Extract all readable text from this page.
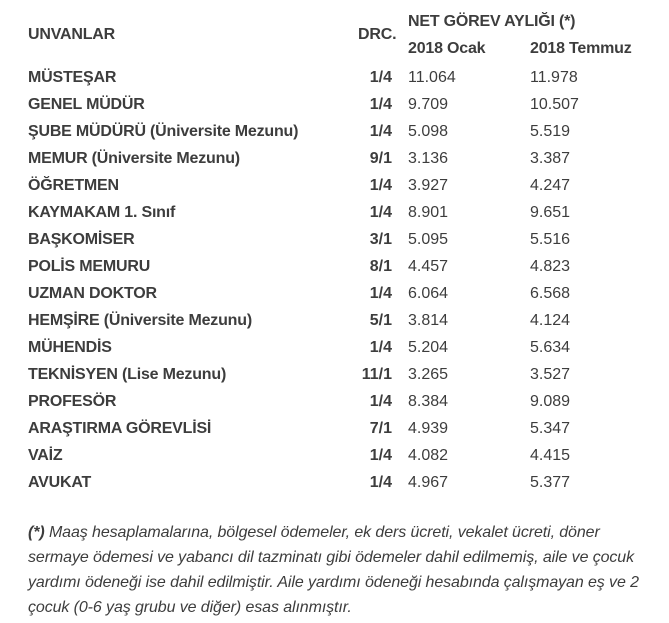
UNVANLAR	DRC.
NET GÖREV AYLIĞI (*)
2018 Ocak	2018 Temmuz
MÜSTEŞAR	1/4	11.064	11.978
GENEL MÜDÜR	1/4	9.709	10.507
ŞUBE MÜDÜRÜ (Üniversite Mezunu)	1/4	5.098	5.519
MEMUR (Üniversite Mezunu)	9/1	3.136	3.387
ÖĞRETMEN	1/4	3.927	4.247
KAYMAKAM 1. Sınıf	1/4	8.901	9.651
BAŞKOMİSER	3/1	5.095	5.516
POLİS MEMURU	8/1	4.457	4.823
UZMAN DOKTOR	1/4	6.064	6.568
HEMŞİRE (Üniversite Mezunu)	5/1	3.814	4.124
MÜHENDİS	1/4	5.204	5.634
TEKNİSYEN (Lise Mezunu)	11/1	3.265	3.527
PROFESÖR	1/4	8.384	9.089
ARAŞTIRMA GÖREVLİSİ	7/1	4.939	5.347
VAİZ	1/4	4.082	4.415
AVUKAT	1/4	4.967	5.377
(*) Maaş hesaplamalarına, bölgesel ödemeler, ek ders ücreti, vekalet ücreti, döner
sermaye ödemesi ve yabancı dil tazminatı gibi ödemeler dahil edilmemiş, aile ve çocuk
yardımı ödeneği ise dahil edilmiştir. Aile yardımı ödeneği hesabında çalışmayan eş ve 2
çocuk (0-6 yaş grubu ve diğer) esas alınmıştır.
